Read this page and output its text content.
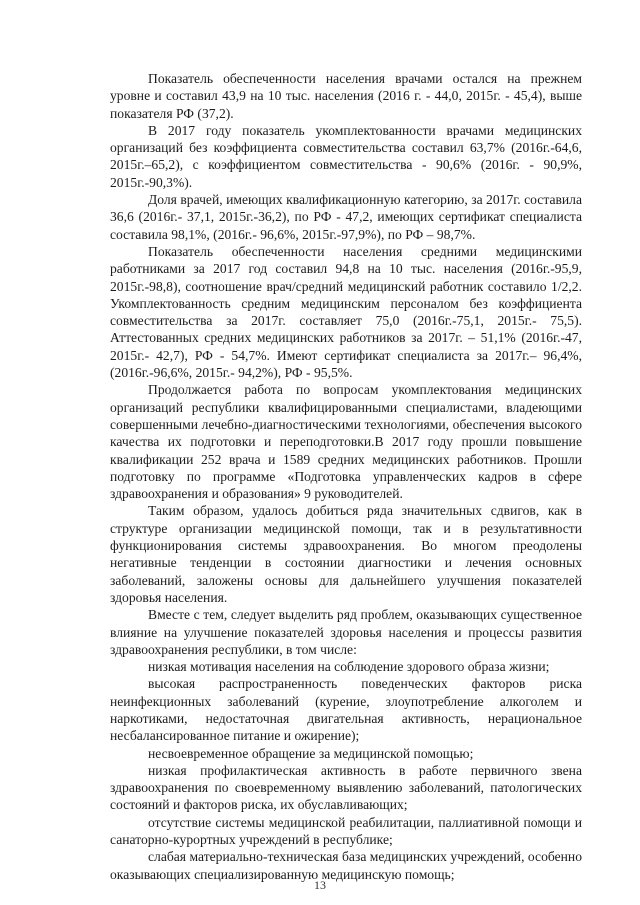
Показатель обеспеченности населения врачами остался на прежнем уровне и составил 43,9 на 10 тыс. населения (2016 г. - 44,0, 2015г. - 45,4), выше показателя РФ (37,2).

В 2017 году показатель укомплектованности врачами медицинских организаций без коэффициента совместительства составил 63,7% (2016г.-64,6, 2015г.–65,2), с коэффициентом совместительства - 90,6% (2016г. - 90,9%, 2015г.-90,3%).

Доля врачей, имеющих квалификационную категорию, за 2017г. составила 36,6 (2016г.- 37,1, 2015г.-36,2), по РФ - 47,2, имеющих сертификат специалиста составила 98,1%, (2016г.- 96,6%, 2015г.-97,9%), по РФ – 98,7%.

Показатель обеспеченности населения средними медицинскими работниками за 2017 год составил 94,8 на 10 тыс. населения (2016г.-95,9, 2015г.-98,8), соотношение врач/средний медицинский работник составило 1/2,2. Укомплектованность средним медицинским персоналом без коэффициента совместительства за 2017г. составляет 75,0 (2016г.-75,1, 2015г.- 75,5). Аттестованных средних медицинских работников за 2017г. – 51,1% (2016г.-47, 2015г.- 42,7), РФ - 54,7%. Имеют сертификат специалиста за 2017г.– 96,4%, (2016г.-96,6%, 2015г.- 94,2%), РФ - 95,5%.

Продолжается работа по вопросам укомплектования медицинских организаций республики квалифицированными специалистами, владеющими совершенными лечебно-диагностическими технологиями, обеспечения высокого качества их подготовки и переподготовки.В 2017 году прошли повышение квалификации 252 врача и 1589 средних медицинских работников. Прошли подготовку по программе «Подготовка управленческих кадров в сфере здравоохранения и образования» 9 руководителей.

Таким образом, удалось добиться ряда значительных сдвигов, как в структуре организации медицинской помощи, так и в результативности функционирования системы здравоохранения. Во многом преодолены негативные тенденции в состоянии диагностики и лечения основных заболеваний, заложены основы для дальнейшего улучшения показателей здоровья населения.

Вместе с тем, следует выделить ряд проблем, оказывающих существенное влияние на улучшение показателей здоровья населения и процессы развития здравоохранения республики, в том числе:

низкая мотивация населения на соблюдение здорового образа жизни;

высокая распространенность поведенческих факторов риска неинфекционных заболеваний (курение, злоупотребление алкоголем и наркотиками, недостаточная двигательная активность, нерациональное несбалансированное питание и ожирение);

несвоевременное обращение за медицинской помощью;

низкая профилактическая активность в работе первичного звена здравоохранения по своевременному выявлению заболеваний, патологических состояний и факторов риска, их обуславливающих;

отсутствие системы медицинской реабилитации, паллиативной помощи и санаторно-курортных учреждений в республике;

слабая материально-техническая база медицинских учреждений, особенно оказывающих специализированную медицинскую помощь;

13
